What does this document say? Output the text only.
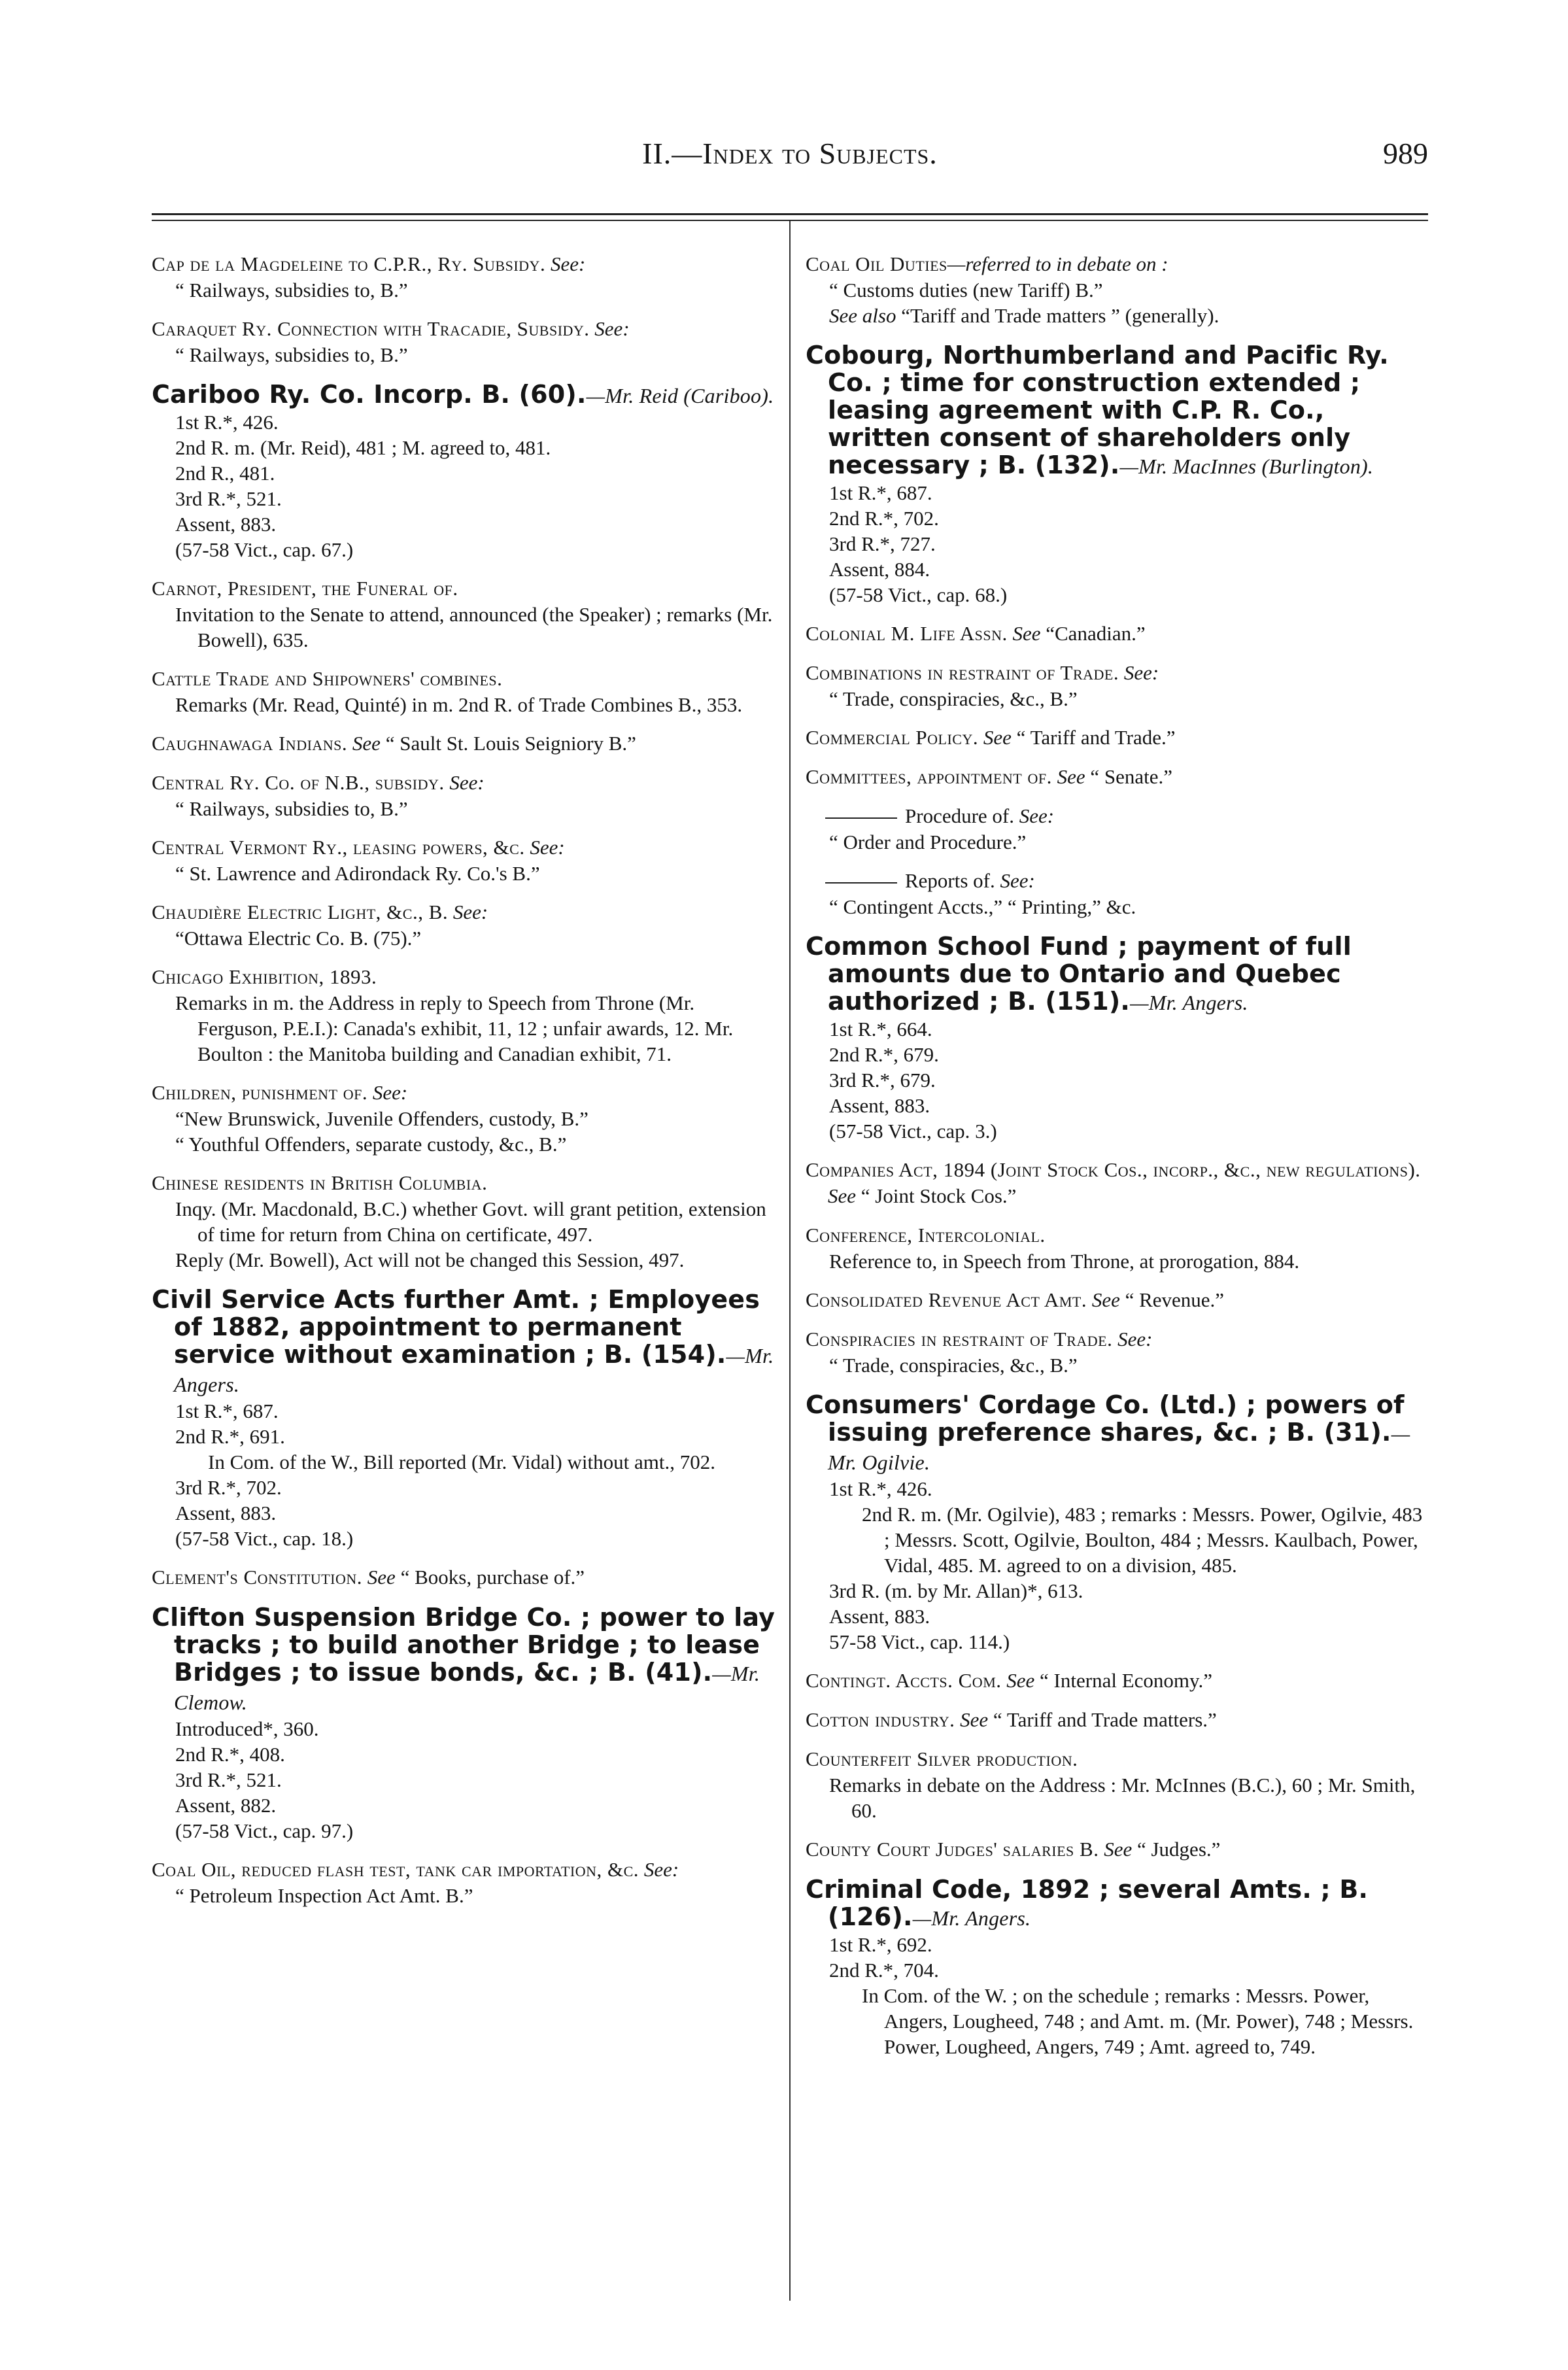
II.—Index to Subjects.	989
Cap de la Magdeleine to C.P.R., Ry. Subsidy. See:
“ Railways, subsidies to, B.”
Caraquet Ry. Connection with Tracadie, Subsidy. See:
“ Railways, subsidies to, B.”
Cariboo Ry. Co. Incorp. B. (60).—Mr. Reid (Cariboo).
1st R.*, 426.
2nd R. m. (Mr. Reid), 481 ; M. agreed to, 481.
2nd R., 481.
3rd R.*, 521.
Assent, 883.
(57-58 Vict., cap. 67.)
Carnot, President, the Funeral of.
Invitation to the Senate to attend, announced (the Speaker) ; remarks (Mr. Bowell), 635.
Cattle Trade and Shipowners' combines.
Remarks (Mr. Read, Quinté) in m. 2nd R. of Trade Combines B., 353.
Caughnawaga Indians. See “ Sault St. Louis Seigniory B.”
Central Ry. Co. of N.B., subsidy. See:
“ Railways, subsidies to, B.”
Central Vermont Ry., leasing powers, &c. See:
“ St. Lawrence and Adirondack Ry. Co.'s B.”
Chaudière Electric Light, &c., B. See:
“Ottawa Electric Co. B. (75).”
Chicago Exhibition, 1893.
Remarks in m. the Address in reply to Speech from Throne (Mr. Ferguson, P.E.I.): Canada's exhibit, 11, 12 ; unfair awards, 12. Mr. Boulton : the Manitoba building and Canadian exhibit, 71.
Children, punishment of. See:
“New Brunswick, Juvenile Offenders, custody, B.”
“ Youthful Offenders, separate custody, &c., B.”
Chinese residents in British Columbia.
Inqy. (Mr. Macdonald, B.C.) whether Govt. will grant petition, extension of time for return from China on certificate, 497.
Reply (Mr. Bowell), Act will not be changed this Session, 497.
Civil Service Acts further Amt. ; Employees of 1882, appointment to permanent service without examination ; B. (154).—Mr. Angers.
1st R.*, 687.
2nd R.*, 691.
In Com. of the W., Bill reported (Mr. Vidal) without amt., 702.
3rd R.*, 702.
Assent, 883.
(57-58 Vict., cap. 18.)
Clement's Constitution. See “ Books, purchase of.”
Clifton Suspension Bridge Co. ; power to lay tracks ; to build another Bridge ; to lease Bridges ; to issue bonds, &c. ; B. (41).—Mr. Clemow.
Introduced*, 360.
2nd R.*, 408.
3rd R.*, 521.
Assent, 882.
(57-58 Vict., cap. 97.)
Coal Oil, reduced flash test, tank car importation, &c. See:
“ Petroleum Inspection Act Amt. B.”
Coal Oil Duties—referred to in debate on :
“ Customs duties (new Tariff) B.”
See also “Tariff and Trade matters ” (generally).
Cobourg, Northumberland and Pacific Ry. Co. ; time for construction extended ; leasing agreement with C.P. R. Co., written consent of shareholders only necessary ; B. (132).—Mr. MacInnes (Burlington).
1st R.*, 687.
2nd R.*, 702.
3rd R.*, 727.
Assent, 884.
(57-58 Vict., cap. 68.)
Colonial M. Life Assn. See “Canadian.”
Combinations in restraint of Trade. See:
“ Trade, conspiracies, &c., B.”
Commercial Policy. See “ Tariff and Trade.”
Committees, appointment of. See “ Senate.”
Procedure of. See:
“ Order and Procedure.”
Reports of. See:
“ Contingent Accts.,” “ Printing,” &c.
Common School Fund ; payment of full amounts due to Ontario and Quebec authorized ; B. (151).—Mr. Angers.
1st R.*, 664.
2nd R.*, 679.
3rd R.*, 679.
Assent, 883.
(57-58 Vict., cap. 3.)
Companies Act, 1894 (Joint Stock Cos., incorp., &c., new regulations). See “ Joint Stock Cos.”
Conference, Intercolonial.
Reference to, in Speech from Throne, at prorogation, 884.
Consolidated Revenue Act Amt. See “ Revenue.”
Conspiracies in restraint of Trade. See:
“ Trade, conspiracies, &c., B.”
Consumers' Cordage Co. (Ltd.) ; powers of issuing preference shares, &c. ; B. (31).—Mr. Ogilvie.
1st R.*, 426.
2nd R. m. (Mr. Ogilvie), 483 ; remarks : Messrs. Power, Ogilvie, 483 ; Messrs. Scott, Ogilvie, Boulton, 484 ; Messrs. Kaulbach, Power, Vidal, 485. M. agreed to on a division, 485.
3rd R. (m. by Mr. Allan)*, 613.
Assent, 883.
57-58 Vict., cap. 114.)
Contingt. Accts. Com. See “ Internal Economy.”
Cotton industry. See “ Tariff and Trade matters.”
Counterfeit Silver production.
Remarks in debate on the Address : Mr. McInnes (B.C.), 60 ; Mr. Smith, 60.
County Court Judges' salaries B. See “ Judges.”
Criminal Code, 1892 ; several Amts. ; B. (126).—Mr. Angers.
1st R.*, 692.
2nd R.*, 704.
In Com. of the W. ; on the schedule ; remarks : Messrs. Power, Angers, Lougheed, 748 ; and Amt. m. (Mr. Power), 748 ; Messrs. Power, Lougheed, Angers, 749 ; Amt. agreed to, 749.
